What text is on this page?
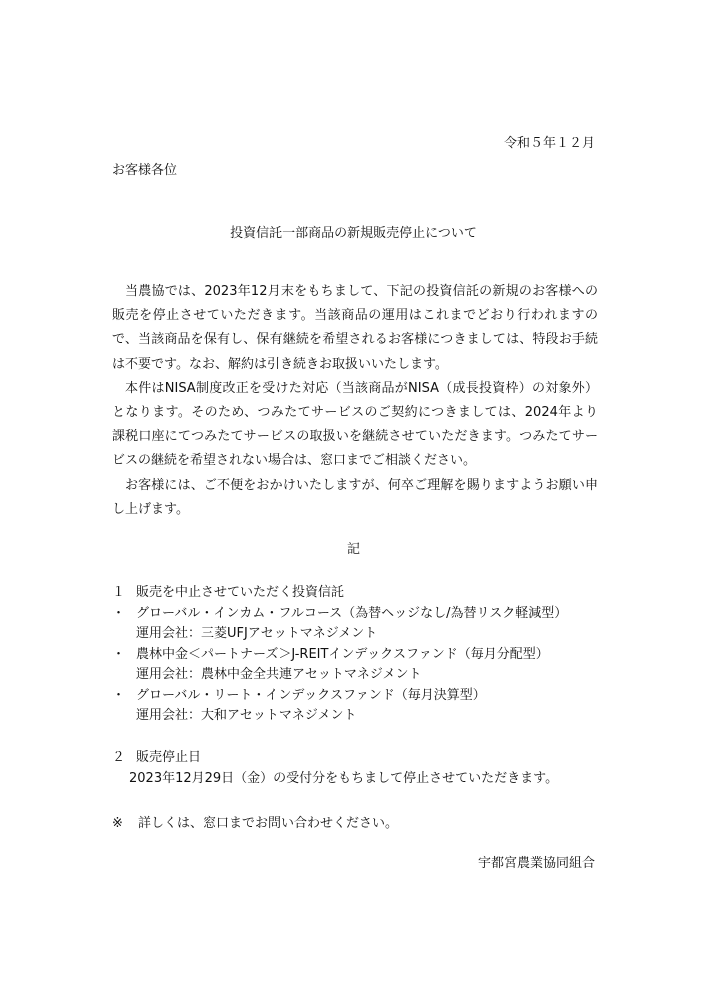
令和５年１２月
お客様各位
投資信託一部商品の新規販売停止について

当農協では、2023年12月末をもちまして、下記の投資信託の新規のお客様への販売を停止させていただきます。当該商品の運用はこれまでどおり行われますので、当該商品を保有し、保有継続を希望されるお客様につきましては、特段お手続は不要です。なお、解約は引き続きお取扱いいたします。

本件はNISA制度改正を受けた対応（当該商品がNISA（成長投資枠）の対象外）となります。そのため、つみたてサービスのご契約につきましては、2024年より課税口座にてつみたてサービスの取扱いを継続させていただきます。つみたてサービスの継続を希望されない場合は、窓口までご相談ください。

お客様には、ご不便をおかけいたしますが、何卒ご理解を賜りますようお願い申し上げます。

記
１ 販売を中止させていただく投資信託
・ グローバル・インカム・フルコース（為替ヘッジなし/為替リスク軽減型）
運用会社：三菱UFJアセットマネジメント
・ 農林中金＜パートナーズ＞J-REITインデックスファンド（毎月分配型）
運用会社：農林中金全共連アセットマネジメント
・ グローバル・リート・インデックスファンド（毎月決算型）
運用会社：大和アセットマネジメント
２ 販売停止日
2023年12月29日（金）の受付分をもちまして停止させていただきます。
※ 詳しくは、窓口までお問い合わせください。
宇都宮農業協同組合
